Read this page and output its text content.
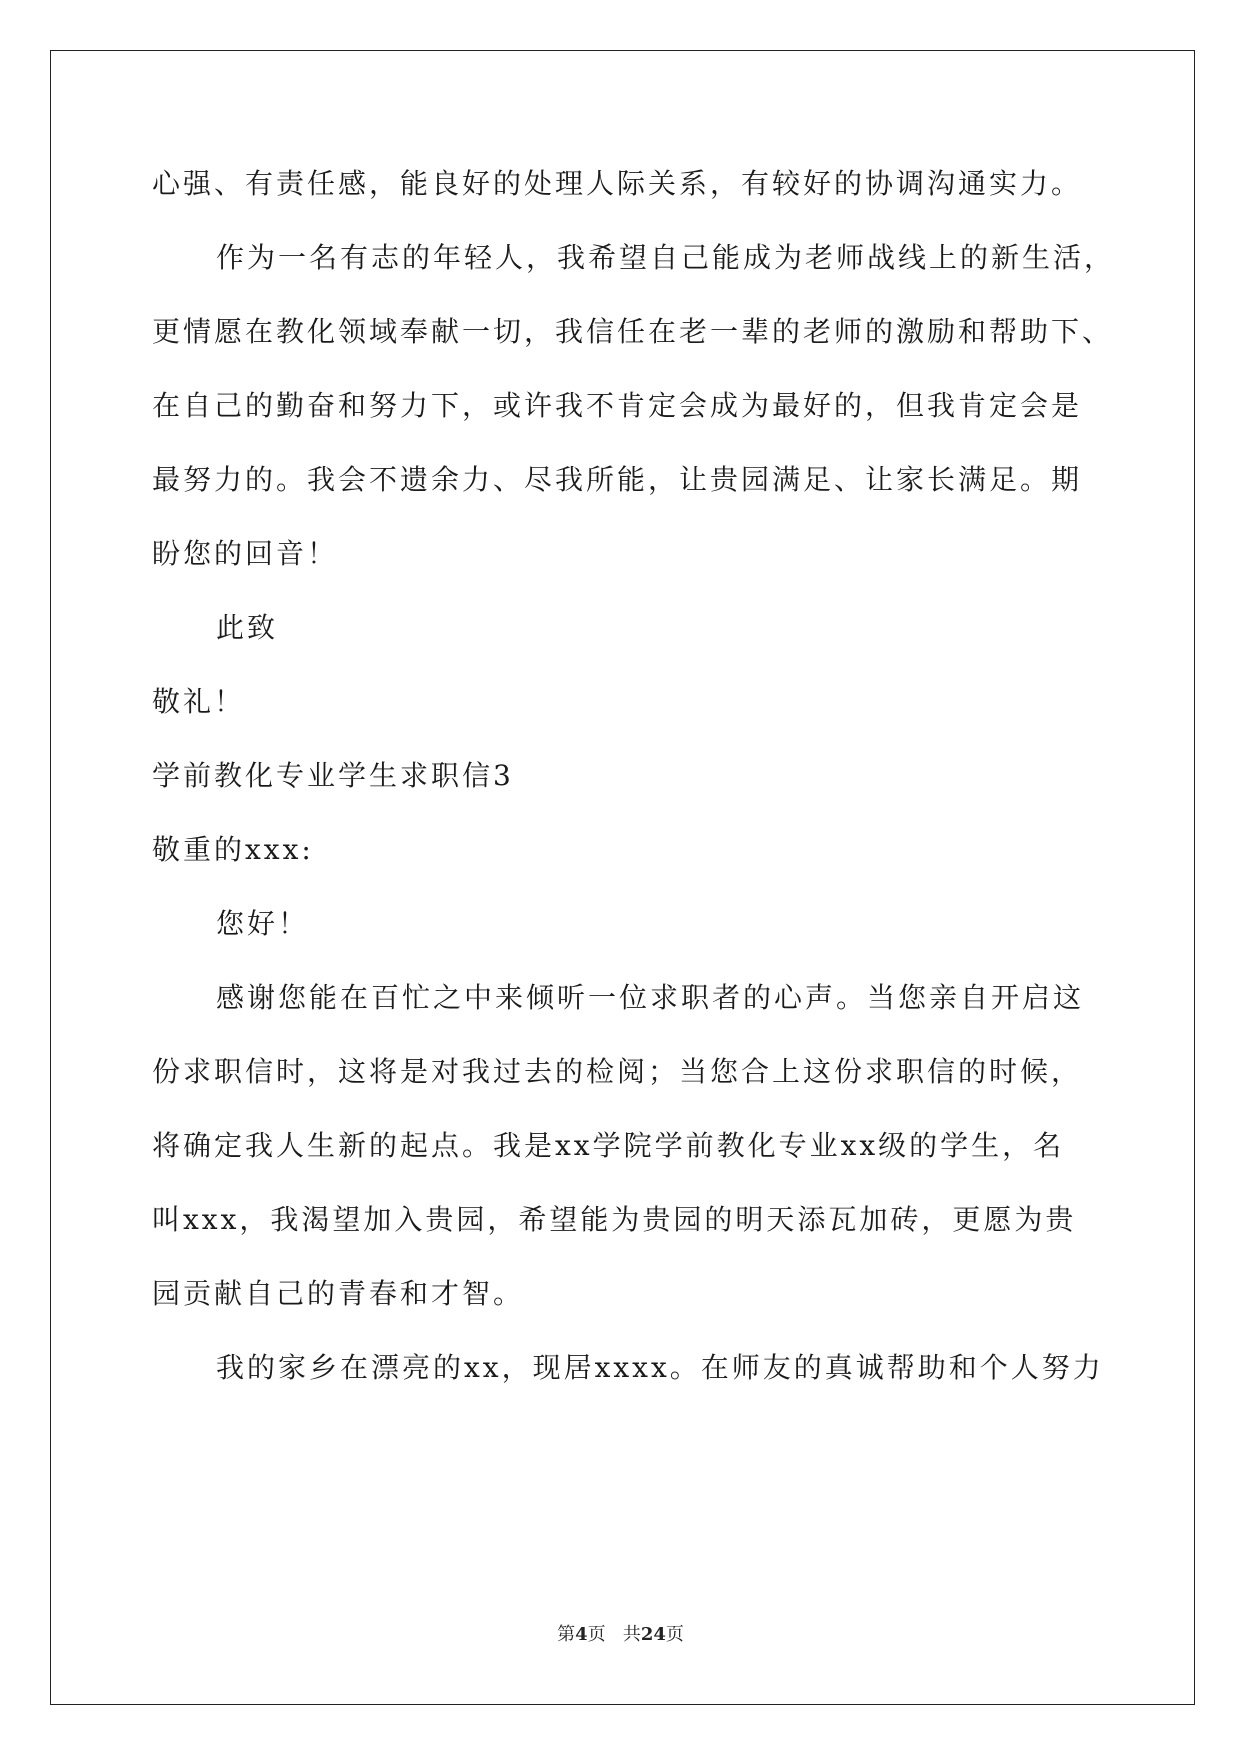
心强、有责任感，能良好的处理人际关系，有较好的协调沟通实力。
作为一名有志的年轻人，我希望自己能成为老师战线上的新生活，
更情愿在教化领域奉献一切，我信任在老一辈的老师的激励和帮助下、
在自己的勤奋和努力下，或许我不肯定会成为最好的，但我肯定会是
最努力的。我会不遗余力、尽我所能，让贵园满足、让家长满足。期
盼您的回音！
此致
敬礼！
学前教化专业学生求职信3
敬重的xxx:
您好！
感谢您能在百忙之中来倾听一位求职者的心声。当您亲自开启这
份求职信时，这将是对我过去的检阅；当您合上这份求职信的时候，
将确定我人生新的起点。我是xx学院学前教化专业xx级的学生，名
叫xxx，我渴望加入贵园，希望能为贵园的明天添瓦加砖，更愿为贵
园贡献自己的青春和才智。
我的家乡在漂亮的xx，现居xxxx。在师友的真诚帮助和个人努力
第4页 共24页
